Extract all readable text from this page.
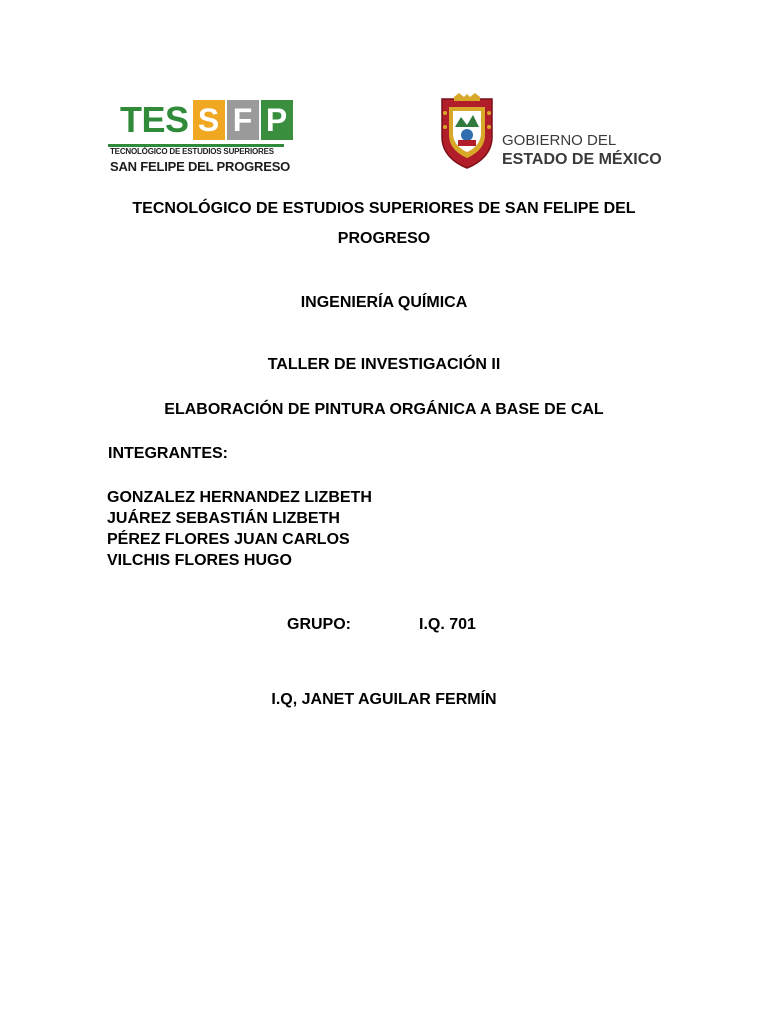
TES S F P
TECNOLÓGICO DE ESTUDIOS SUPERIORES
SAN FELIPE DEL PROGRESO
GOBIERNO DEL
ESTADO DE MÉXICO
TECNOLÓGICO DE ESTUDIOS SUPERIORES DE SAN FELIPE DEL
PROGRESO
INGENIERÍA QUÍMICA
TALLER DE INVESTIGACIÓN II
ELABORACIÓN DE PINTURA ORGÁNICA A BASE DE CAL
INTEGRANTES:
GONZALEZ HERNANDEZ LIZBETH
JUÁREZ SEBASTIÁN LIZBETH
PÉREZ FLORES JUAN CARLOS
VILCHIS FLORES HUGO
GRUPO:	I.Q. 701
I.Q, JANET AGUILAR FERMÍN
